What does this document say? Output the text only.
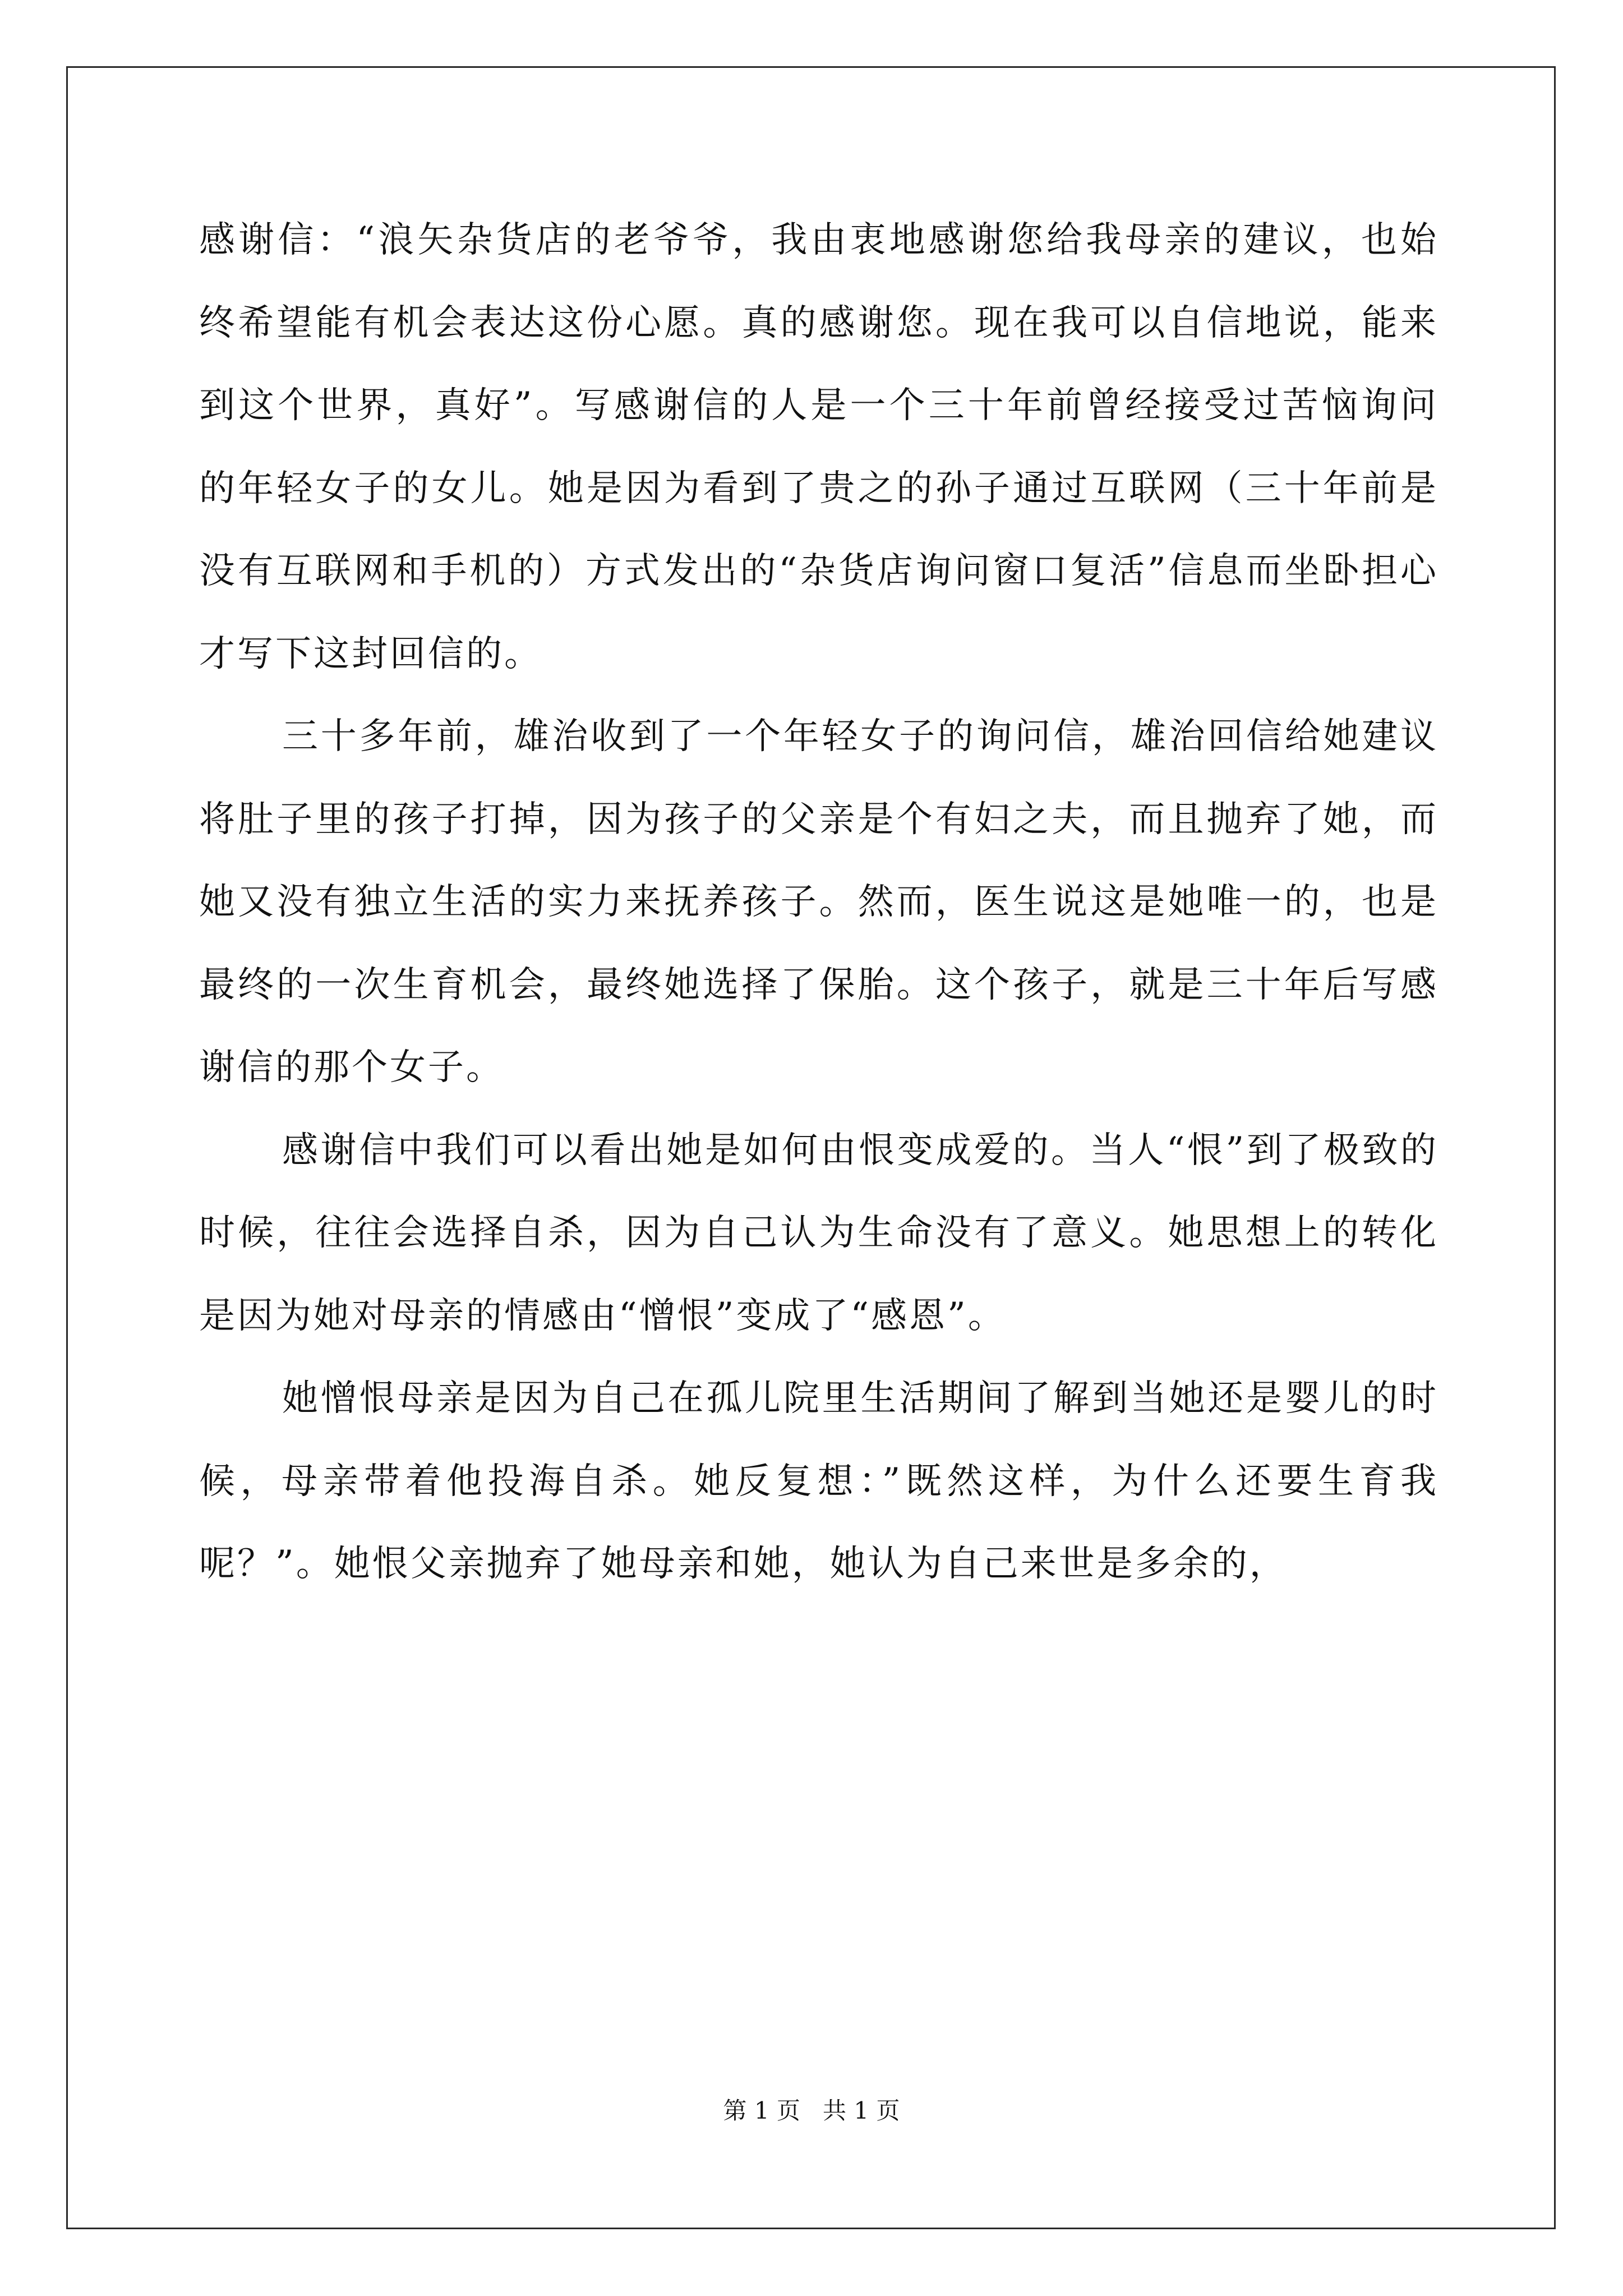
感谢信：“浪矢杂货店的老爷爷，我由衷地感谢您给我母亲的建议，也始终希望能有机会表达这份心愿。真的感谢您。现在我可以自信地说，能来到这个世界，真好”。写感谢信的人是一个三十年前曾经接受过苦恼询问的年轻女子的女儿。她是因为看到了贵之的孙子通过互联网（三十年前是没有互联网和手机的）方式发出的“杂货店询问窗口复活”信息而坐卧担心才写下这封回信的。

三十多年前，雄治收到了一个年轻女子的询问信，雄治回信给她建议将肚子里的孩子打掉，因为孩子的父亲是个有妇之夫，而且抛弃了她，而她又没有独立生活的实力来抚养孩子。然而，医生说这是她唯一的，也是最终的一次生育机会，最终她选择了保胎。这个孩子，就是三十年后写感谢信的那个女子。

感谢信中我们可以看出她是如何由恨变成爱的。当人“恨”到了极致的时候，往往会选择自杀，因为自己认为生命没有了意义。她思想上的转化是因为她对母亲的情感由“憎恨”变成了“感恩”。

她憎恨母亲是因为自己在孤儿院里生活期间了解到当她还是婴儿的时候，母亲带着他投海自杀。她反复想：”既然这样，为什么还要生育我呢？”。她恨父亲抛弃了她母亲和她，她认为自己来世是多余的，

第 1 页   共 1 页
